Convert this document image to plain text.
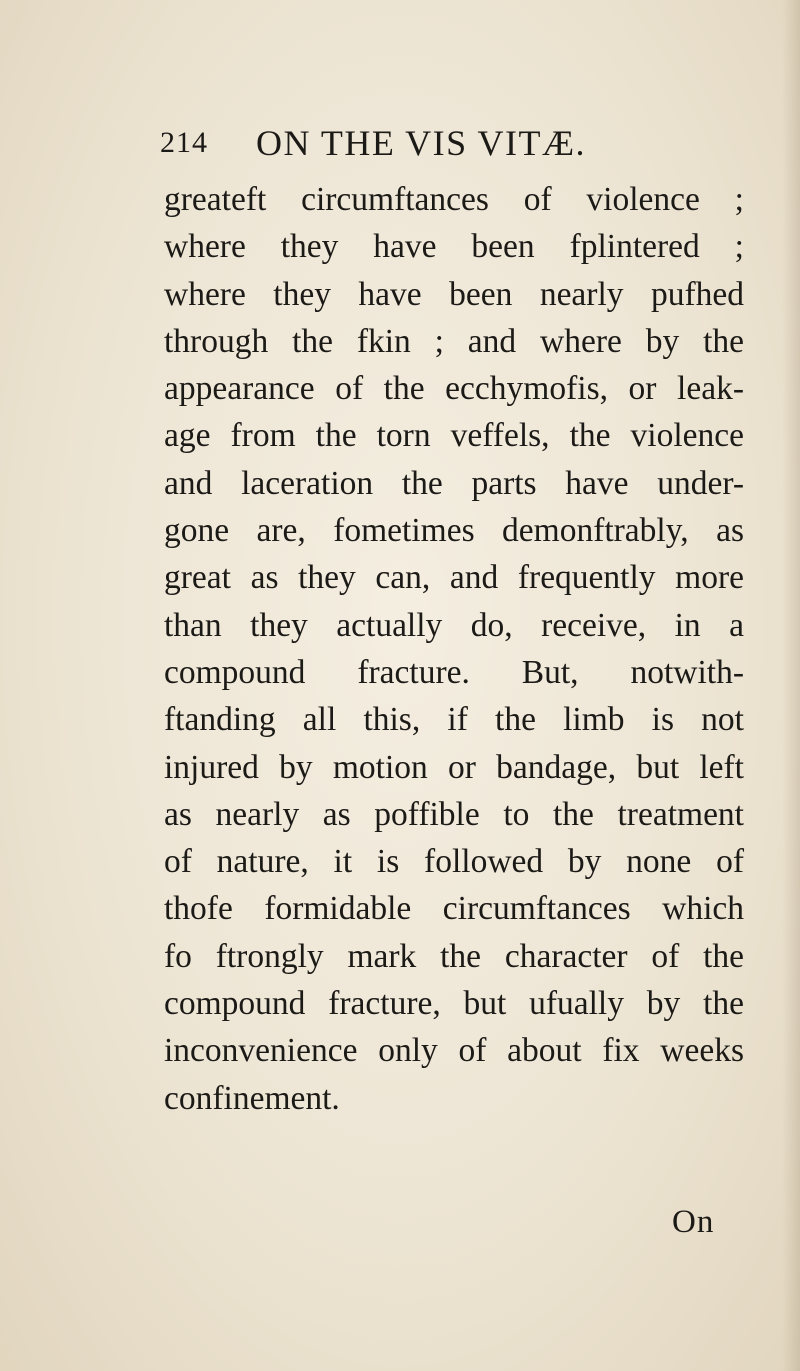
214 ON THE VIS VITÆ.
greateft circumftances of violence ;
where they have been fplintered ;
where they have been nearly pufhed
through the fkin ; and where by the
appearance of the ecchymofis, or leak-
age from the torn veffels, the violence
and laceration the parts have under-
gone are, fometimes demonftrably, as
great as they can, and frequently more
than they actually do, receive, in a
compound fracture. But, notwith-
ftanding all this, if the limb is not
injured by motion or bandage, but left
as nearly as poffible to the treatment
of nature, it is followed by none of
thofe formidable circumftances which
fo ftrongly mark the character of the
compound fracture, but ufually by the
inconvenience only of about fix weeks
confinement.
On
